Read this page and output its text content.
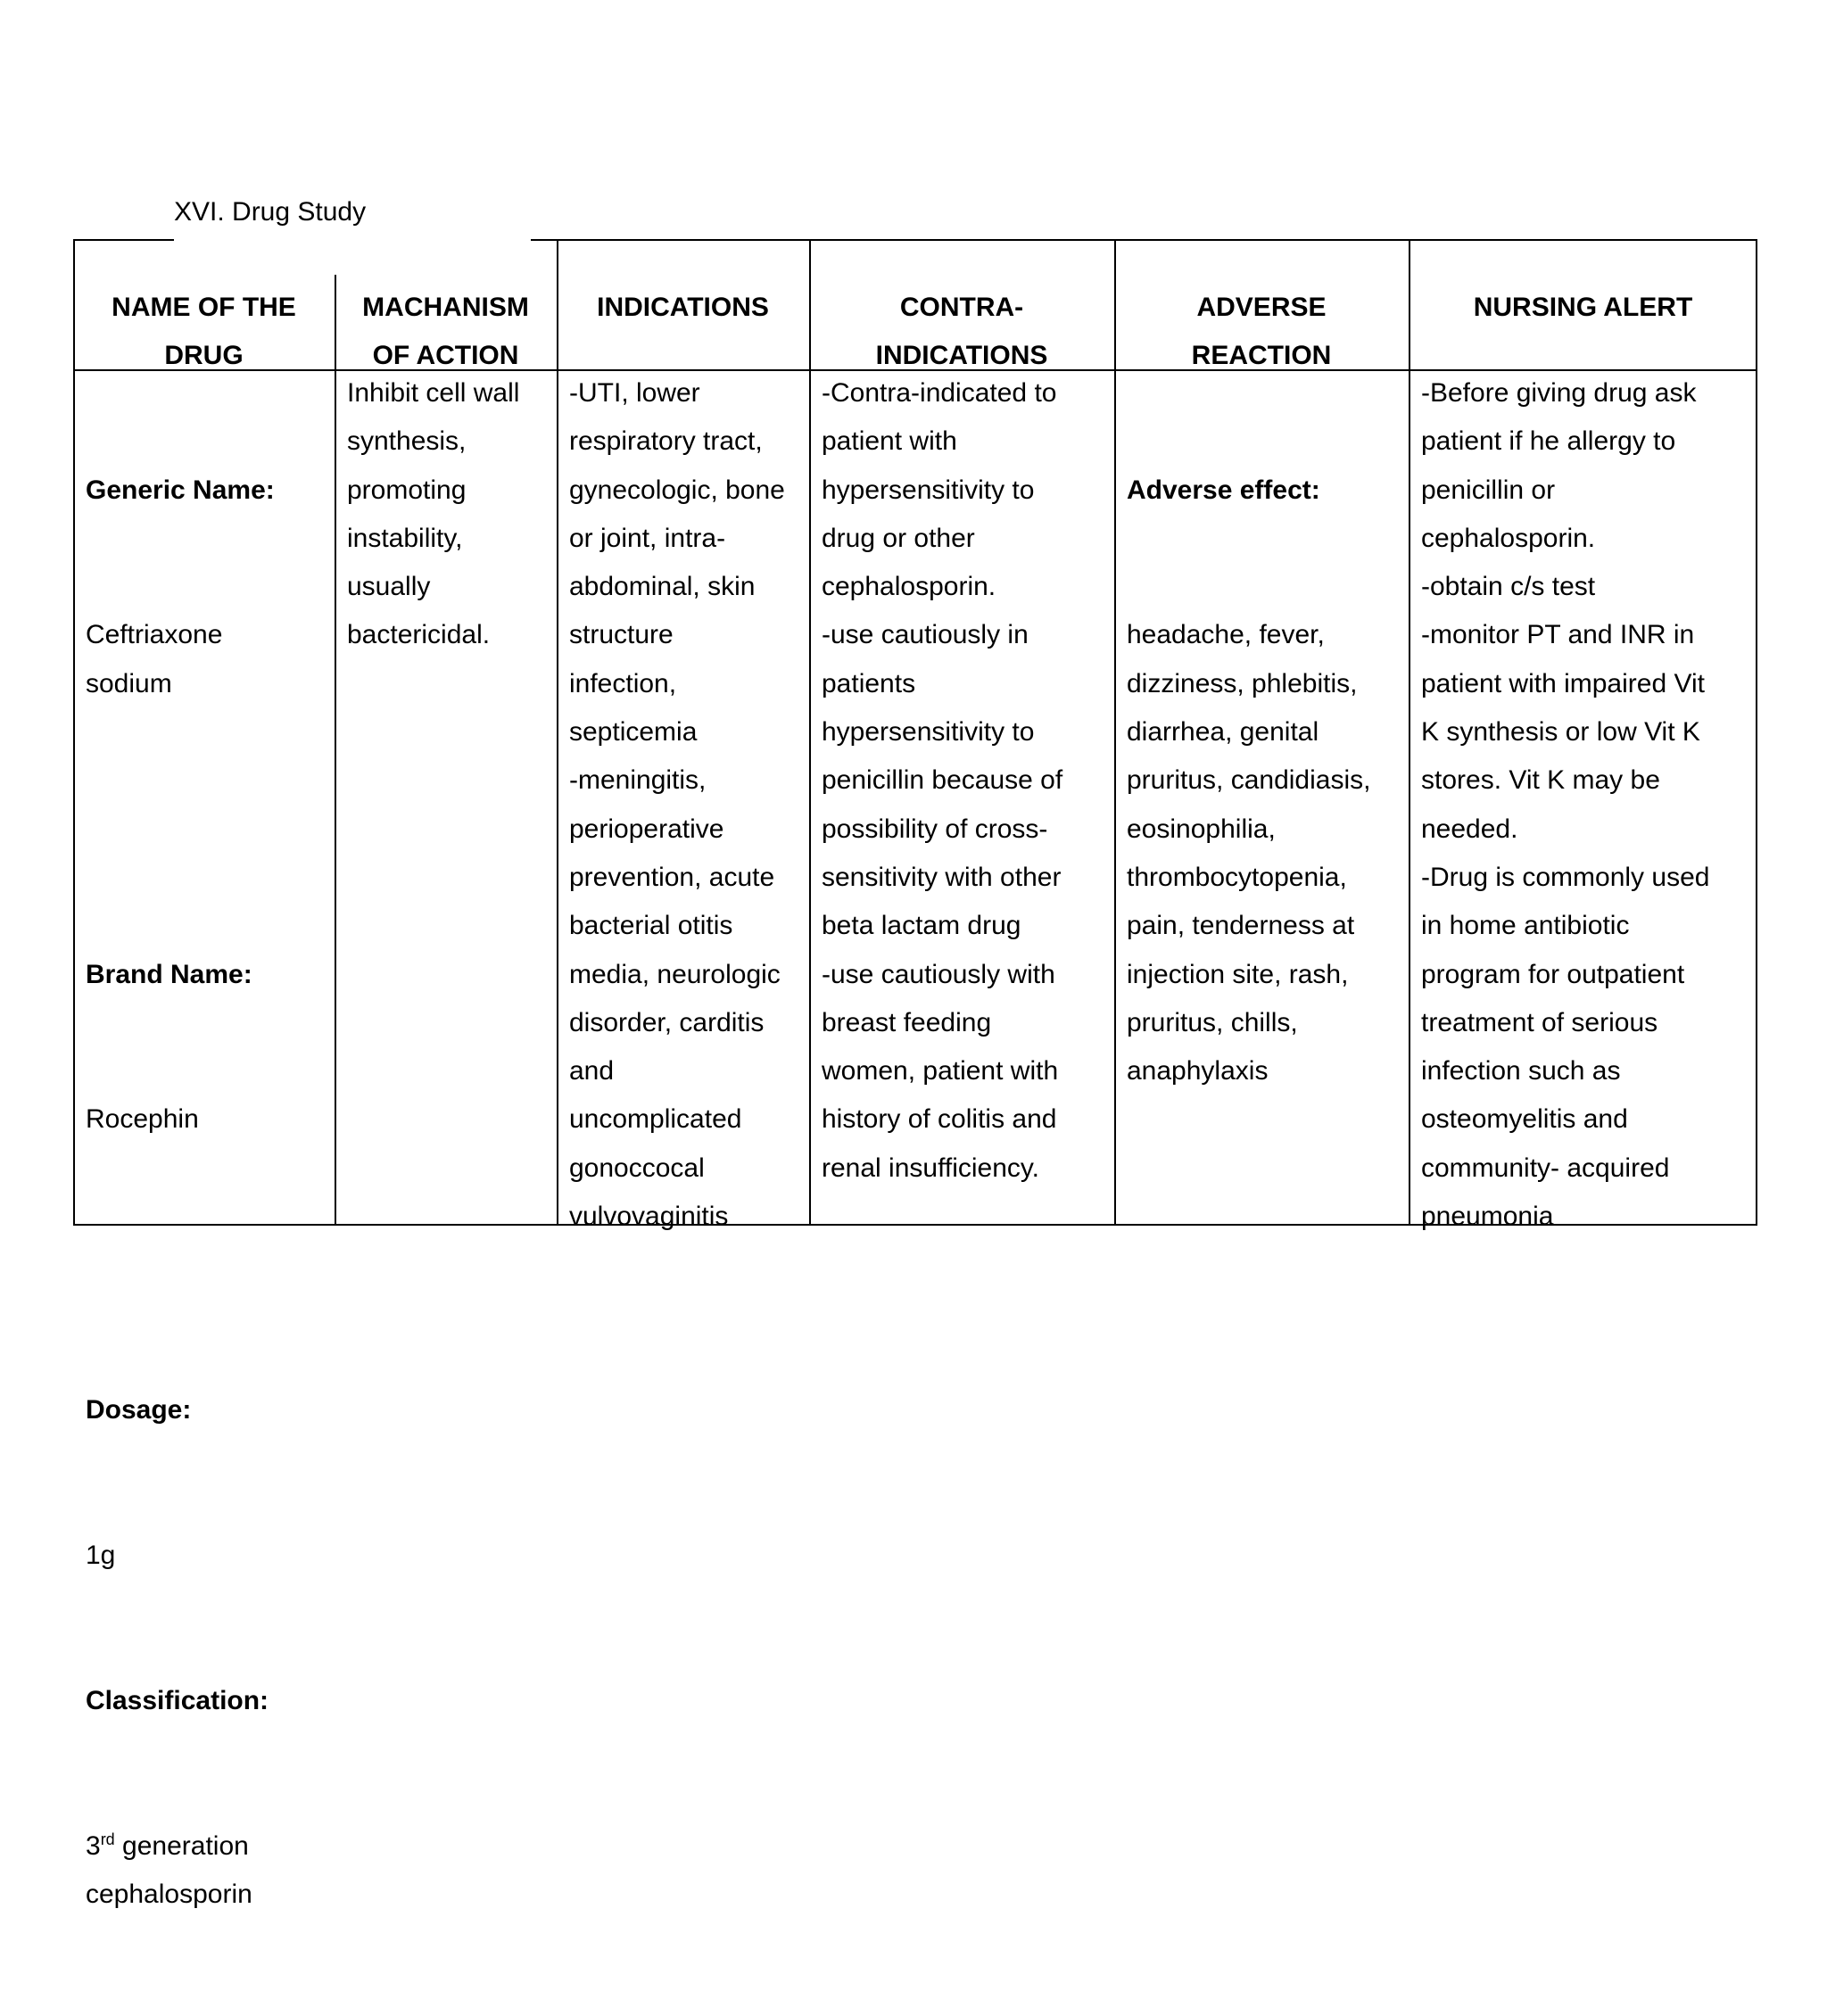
XVI. Drug Study
NAME OF THE
DRUG
MACHANISM
OF ACTION
INDICATIONS	CONTRA-
INDICATIONS
ADVERSE
REACTION
NURSING ALERT

Generic Name:

Ceftriaxone
sodium

Brand Name:

Rocephin

Dosage:

1g

Classification:

3rd generation
cephalosporin

Inhibit cell wall
synthesis,
promoting
instability,
usually
bactericidal.
-UTI, lower
respiratory tract,
gynecologic, bone
or joint, intra-
abdominal, skin
structure
infection,
septicemia
-meningitis,
perioperative
prevention, acute
bacterial otitis
media, neurologic
disorder, carditis
and
uncomplicated
gonoccocal
vulvovaginitis
-Contra-indicated to
patient with
hypersensitivity to
drug or other
cephalosporin.
-use cautiously in
patients
hypersensitivity to
penicillin because of
possibility of cross-
sensitivity with other
beta lactam drug
-use cautiously with
breast feeding
women, patient with
history of colitis and
renal insufficiency.

Adverse effect:

headache, fever,
dizziness, phlebitis,
diarrhea, genital
pruritus, candidiasis,
eosinophilia,
thrombocytopenia,
pain, tenderness at
injection site, rash,
pruritus, chills,
anaphylaxis

-Before giving drug ask
patient if he allergy to
penicillin or
cephalosporin.
-obtain c/s test
-monitor PT and INR in
patient with impaired Vit
K synthesis or low Vit K
stores. Vit K may be
needed.
-Drug is commonly used
in home antibiotic
program for outpatient
treatment of serious
infection such as
osteomyelitis and
community- acquired
pneumonia
